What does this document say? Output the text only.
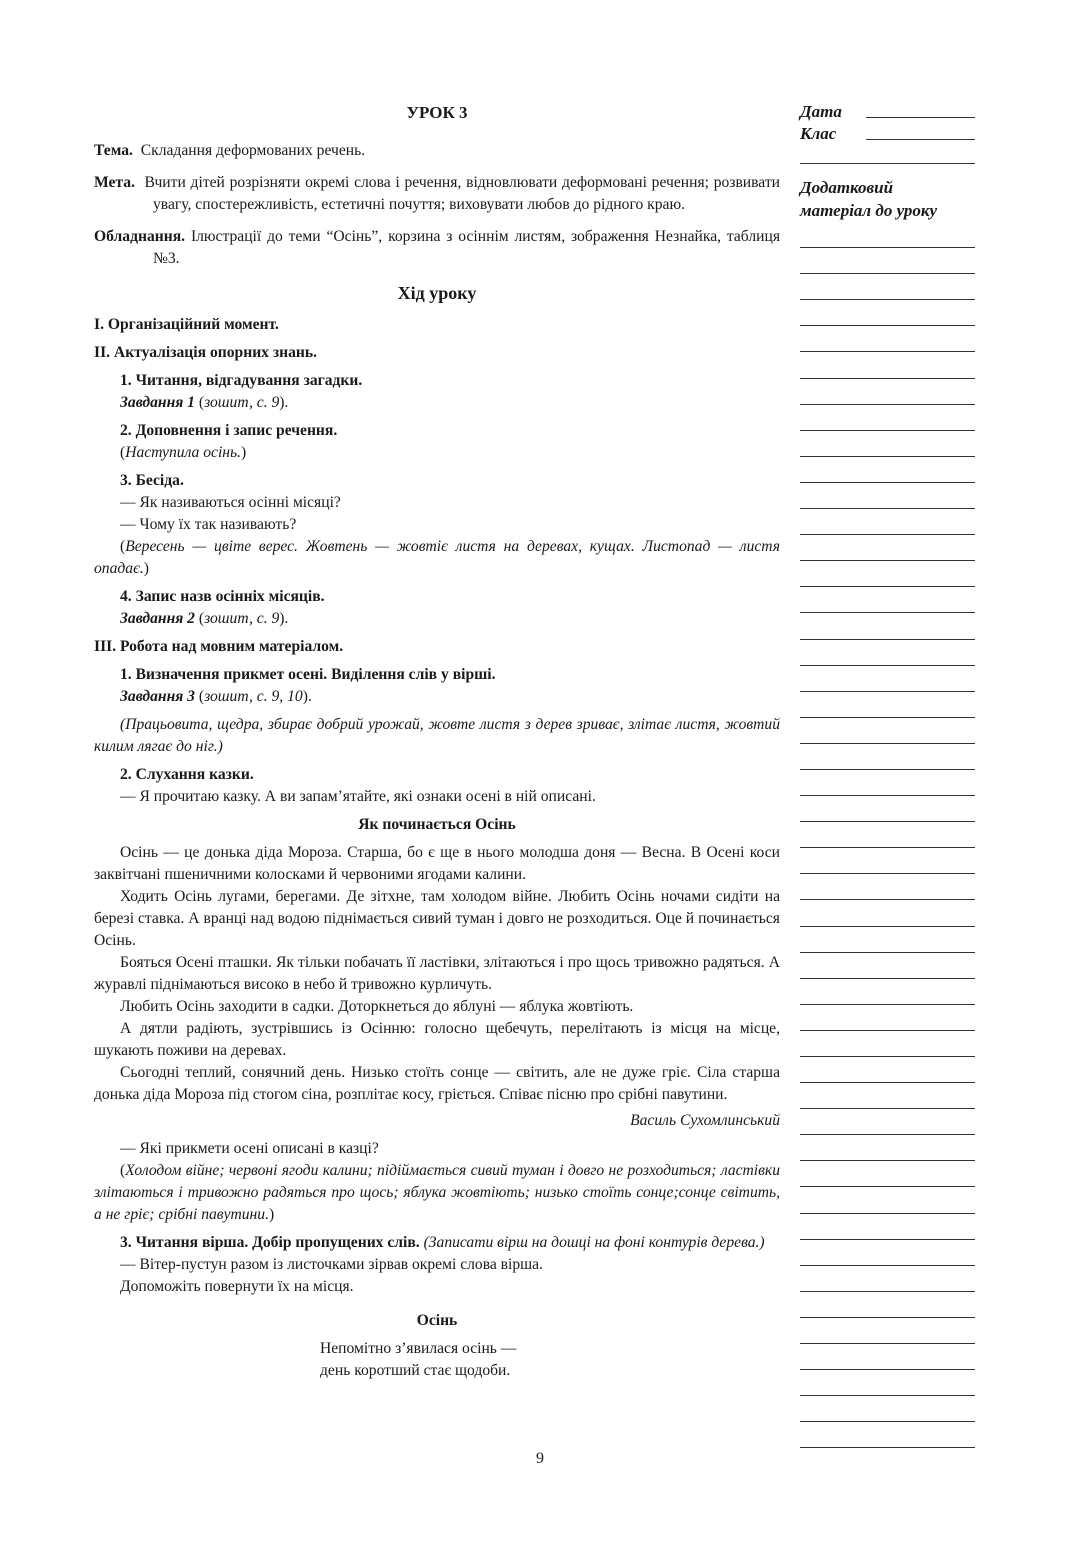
УРОК 3

Тема. Складання деформованих речень.

Мета. Вчити дітей розрізняти окремі слова і речення, відновлювати деформовані речення; розвивати увагу, спостережливість, естетичні почуття; виховувати любов до рідного краю.

Обладнання. Ілюстрації до теми “Осінь”, корзина з осіннім листям, зображення Незнайка, таблиця №3.

Хід уроку

І. Організаційний момент.

ІІ. Актуалізація опорних знань.

1. Читання, відгадування загадки.

Завдання 1 (зошит, с. 9).

2. Доповнення і запис речення.

(Наступила осінь.)

3. Бесіда.

— Як називаються осінні місяці?

— Чому їх так називають?

(Вересень — цвіте верес. Жовтень — жовтіє листя на деревах, кущах. Листопад — листя опадає.)

4. Запис назв осінніх місяців.

Завдання 2 (зошит, с. 9).

ІІІ. Робота над мовним матеріалом.

1. Визначення прикмет осені. Виділення слів у вірші.

Завдання 3 (зошит, с. 9, 10).

(Працьовита, щедра, збирає добрий урожай, жовте листя з дерев зриває, злітає листя, жовтий килим лягає до ніг.)

2. Слухання казки.

— Я прочитаю казку. А ви запам’ятайте, які ознаки осені в ній описані.

Як починається Осінь

Осінь — це донька діда Мороза. Старша, бо є ще в нього молодша доня — Весна. В Осені коси заквітчані пшеничними колосками й червоними ягодами калини.

Ходить Осінь лугами, берегами. Де зітхне, там холодом війне. Любить Осінь ночами сидіти на березі ставка. А вранці над водою піднімається сивий туман і довго не розходиться. Оце й починається Осінь.

Бояться Осені пташки. Як тільки побачать її ластівки, злітаються і про щось тривожно радяться. А журавлі піднімаються високо в небо й тривожно курличуть.

Любить Осінь заходити в садки. Доторкнеться до яблуні — яблука жовтіють.

А дятли радіють, зустрівшись із Осінню: голосно щебечуть, перелітають із місця на місце, шукають поживи на деревах.

Сьогодні теплий, сонячний день. Низько стоїть сонце — світить, але не дуже гріє. Сіла старша донька діда Мороза під стогом сіна, розплітає косу, гріється. Співає пісню про срібні павутини.

Василь Сухомлинський

— Які прикмети осені описані в казці?

(Холодом війне; червоні ягоди калини; підіймається сивий туман і довго не розходиться; ластівки злітаються і тривожно радяться про щось; яблука жовтіють; низько стоїть сонце;сонце світить, а не гріє; срібні павутини.)

3. Читання вірша. Добір пропущених слів. (Записати вірш на дошці на фоні контурів дерева.)

— Вітер-пустун разом із листочками зірвав окремі слова вірша.

Допоможіть повернути їх на місця.

Осінь

Непомітно з’явилася осінь —

день коротший стає щодоби.

Дата
Клас
Додатковий
матеріал до уроку
9
